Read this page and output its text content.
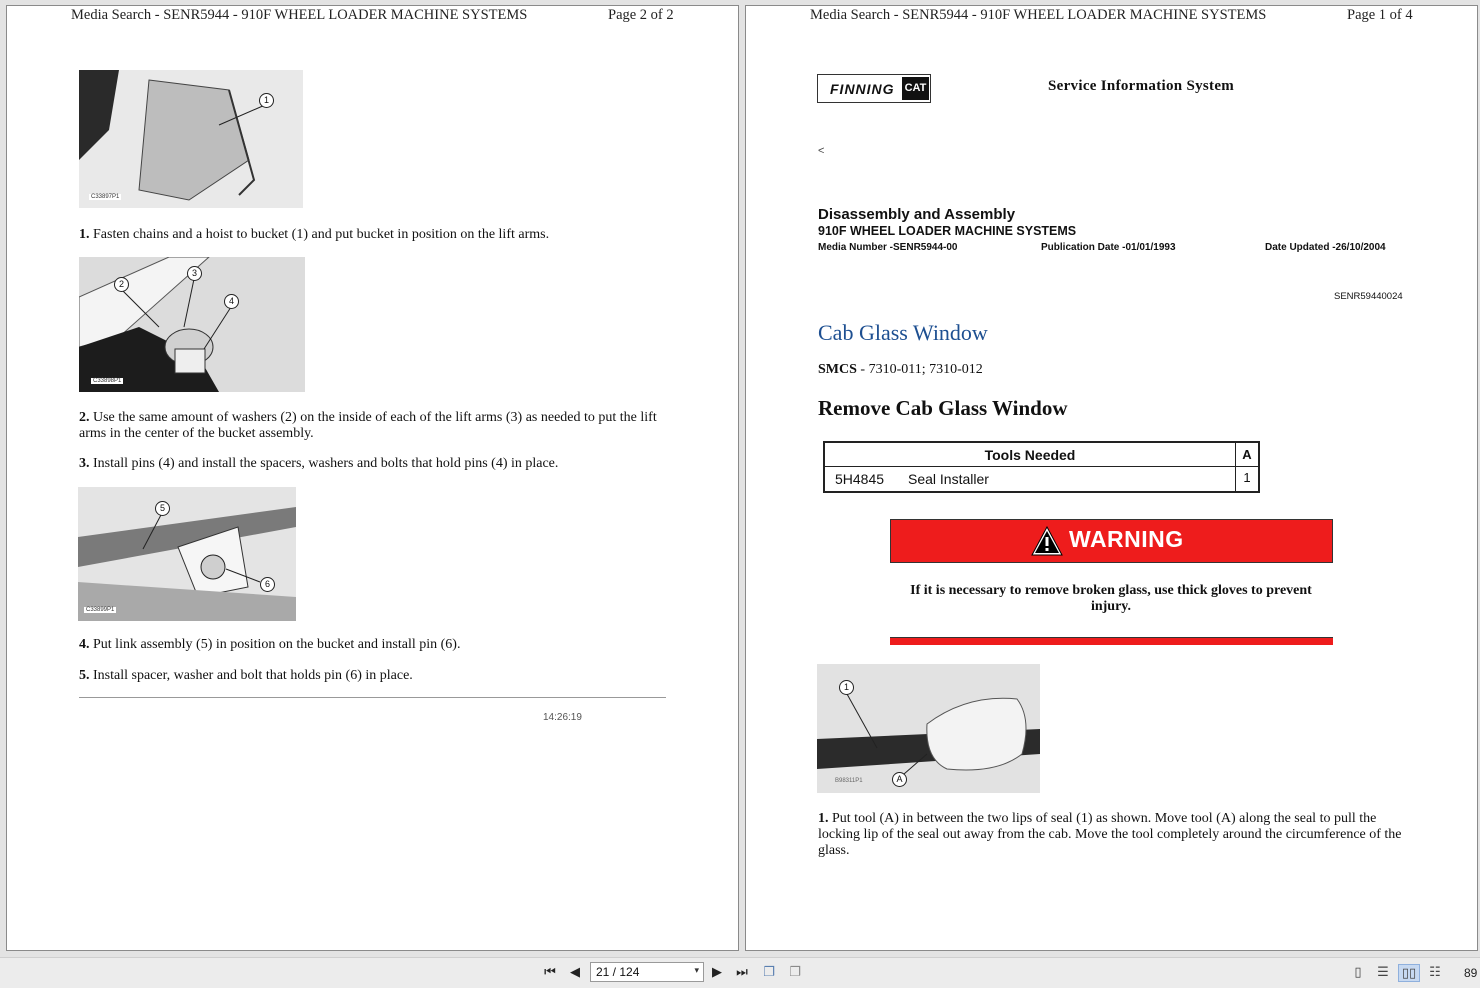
Media Search - SENR5944 - 910F WHEEL LOADER MACHINE SYSTEMS	Page 2 of 2
1
C33897P1
1. Fasten chains and a hoist to bucket (1) and put bucket in position on the lift arms.
2
3
4
C33898P1
2. Use the same amount of washers (2) on the inside of each of the lift arms (3) as needed to put the lift arms in the center of the bucket assembly.
3. Install pins (4) and install the spacers, washers and bolts that hold pins (4) in place.
5
6
C33899P1
4. Put link assembly (5) in position on the bucket and install pin (6).
5. Install spacer, washer and bolt that holds pin (6) in place.
14:26:19
Media Search - SENR5944 - 910F WHEEL LOADER MACHINE SYSTEMS	Page 1 of 4
FINNING CAT	Service Information System
<
Disassembly and Assembly
910F WHEEL LOADER MACHINE SYSTEMS
Media Number -SENR5944-00	Publication Date -01/01/1993	Date Updated -26/10/2004
SENR59440024
Cab Glass Window
SMCS - 7310-011; 7310-012
Remove Cab Glass Window
Tools Needed	A
5H4845 Seal Installer	1
WARNING
If it is necessary to remove broken glass, use thick gloves to prevent injury.
1
A
B98311P1
1. Put tool (A) in between the two lips of seal (1) as shown. Move tool (A) along the seal to pull the locking lip of the seal out away from the cab. Move the tool completely around the circumference of the glass.
⏮	◀	21 / 124	▾	▶	⏭	❐	❐	▯	☰	▯▯	☷	89
